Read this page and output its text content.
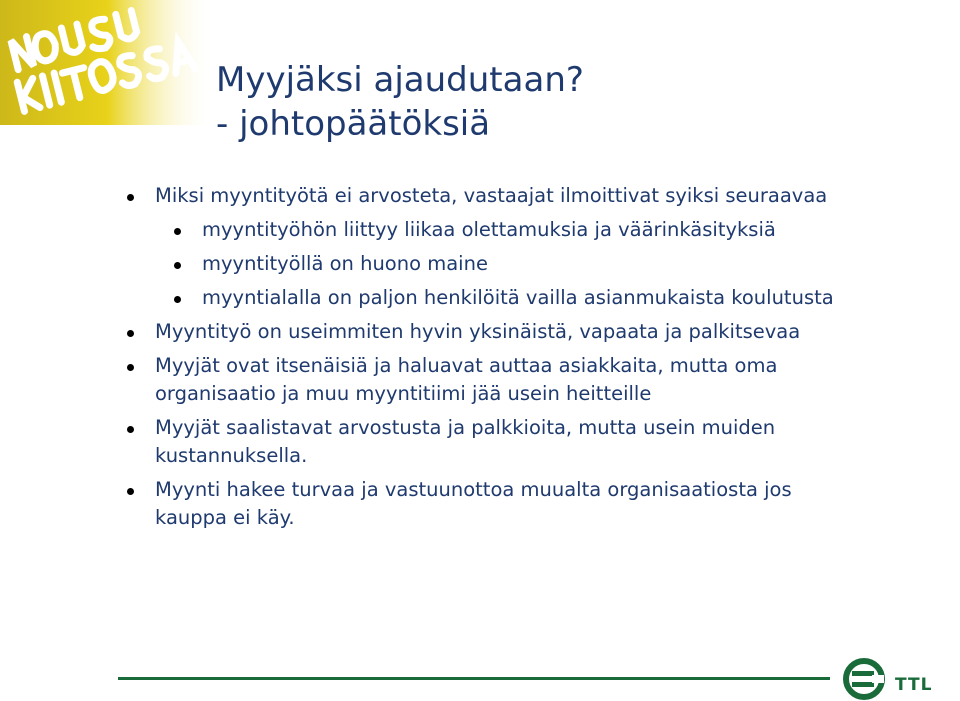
Myyjäksi ajaudutaan?
- johtopäätöksiä
Miksi myyntityötä ei arvosteta, vastaajat ilmoittivat syiksi seuraavaa
myyntityöhön liittyy liikaa olettamuksia ja väärinkäsityksiä
myyntityöllä on huono maine
myyntialalla on paljon henkilöitä vailla asianmukaista koulutusta
Myyntityö on useimmiten hyvin yksinäistä, vapaata ja palkitsevaa
Myyjät ovat itsenäisiä ja haluavat auttaa asiakkaita, mutta oma
organisaatio ja muu myyntitiimi jää usein heitteille
Myyjät saalistavat arvostusta ja palkkioita, mutta usein muiden
kustannuksella.
Myynti hakee turvaa ja vastuunottoa muualta organisaatiosta jos
kauppa ei käy.
TTL
